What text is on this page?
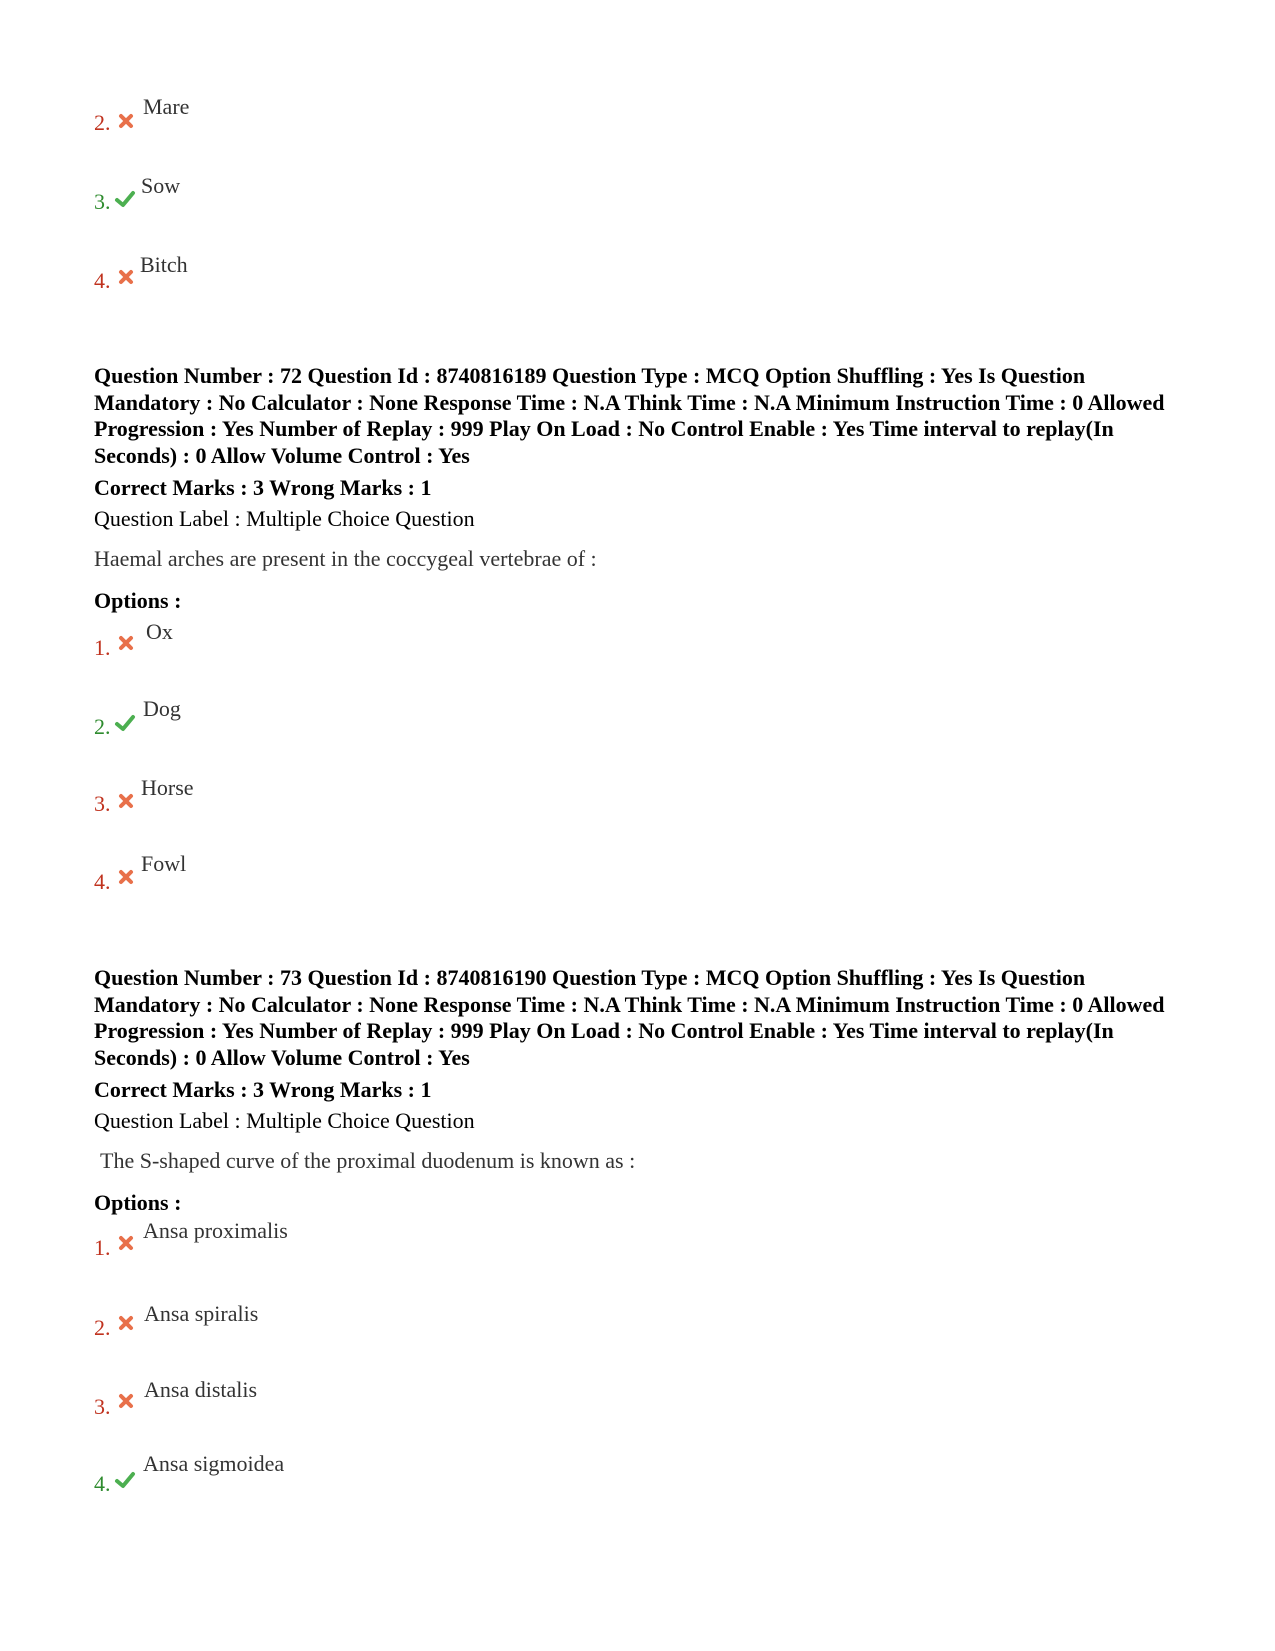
2.
Mare
3.
Sow
4.
Bitch

Question Number : 72 Question Id : 8740816189 Question Type : MCQ Option Shuffling : Yes Is Question Mandatory : No Calculator : None Response Time : N.A Think Time : N.A Minimum Instruction Time : 0 Allowed Progression : Yes Number of Replay : 999 Play On Load : No Control Enable : Yes Time interval to replay(In Seconds) : 0 Allow Volume Control : Yes

Correct Marks : 3 Wrong Marks : 1

Question Label : Multiple Choice Question

Haemal arches are present in the coccygeal vertebrae of :

Options :

1.
Ox
2.
Dog
3.
Horse
4.
Fowl

Question Number : 73 Question Id : 8740816190 Question Type : MCQ Option Shuffling : Yes Is Question Mandatory : No Calculator : None Response Time : N.A Think Time : N.A Minimum Instruction Time : 0 Allowed Progression : Yes Number of Replay : 999 Play On Load : No Control Enable : Yes Time interval to replay(In Seconds) : 0 Allow Volume Control : Yes

Correct Marks : 3 Wrong Marks : 1

Question Label : Multiple Choice Question

The S-shaped curve of the proximal duodenum is known as :

Options :

1.
Ansa proximalis
2.
Ansa spiralis
3.
Ansa distalis
4.
Ansa sigmoidea
